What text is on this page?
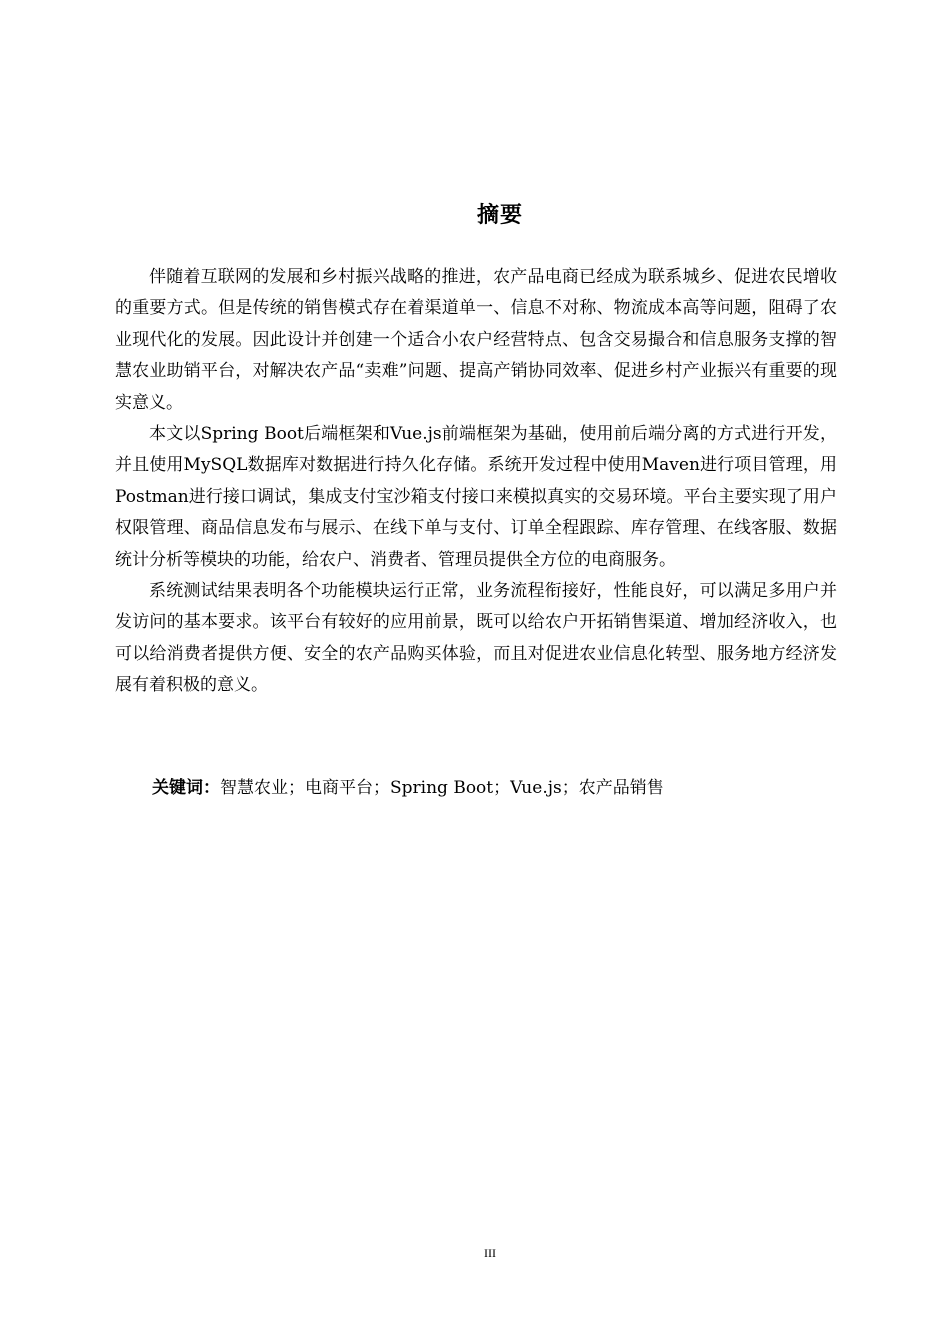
摘要

伴随着互联网的发展和乡村振兴战略的推进，农产品电商已经成为联系城乡、促进农民增收的重要方式。但是传统的销售模式存在着渠道单一、信息不对称、物流成本高等问题，阻碍了农业现代化的发展。因此设计并创建一个适合小农户经营特点、包含交易撮合和信息服务支撑的智慧农业助销平台，对解决农产品“卖难”问题、提高产销协同效率、促进乡村产业振兴有重要的现实意义。

本文以Spring Boot后端框架和Vue.js前端框架为基础，使用前后端分离的方式进行开发，并且使用MySQL数据库对数据进行持久化存储。系统开发过程中使用Maven进行项目管理，用Postman进行接口调试，集成支付宝沙箱支付接口来模拟真实的交易环境。平台主要实现了用户权限管理、商品信息发布与展示、在线下单与支付、订单全程跟踪、库存管理、在线客服、数据统计分析等模块的功能，给农户、消费者、管理员提供全方位的电商服务。

系统测试结果表明各个功能模块运行正常，业务流程衔接好，性能良好，可以满足多用户并发访问的基本要求。该平台有较好的应用前景，既可以给农户开拓销售渠道、增加经济收入，也可以给消费者提供方便、安全的农产品购买体验，而且对促进农业信息化转型、服务地方经济发展有着积极的意义。

关键词：智慧农业；电商平台；Spring Boot；Vue.js；农产品销售
III
